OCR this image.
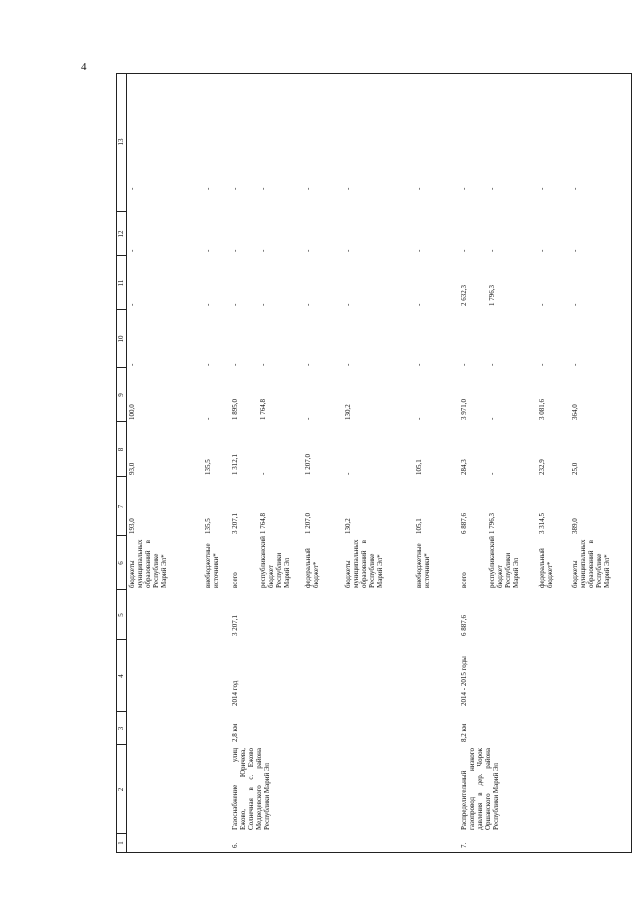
4
1
2
3
4
5
6
7
8
9
10
11
12
13
бюджеты муниципальных образований в Республике Марий Эл*
193,0
93,0
100,0
-
-
-
-
внебюджетные источники*
135,5
135,5
-
-
-
-
-
6.
Газоснабжение улиц Ежово, Юричева, Солнечная в с. Ежово Медведевского района Республики Марий Эл
2,8 км
2014 год
3 207,1
всего
3 207,1
1 312,1
1 895,0
-
-
-
-
республиканский бюджет Республики Марий Эл
1 764,8
-
1 764,8
-
-
-
-
федеральный бюджет*
1 207,0
1 207,0
-
-
-
-
-
бюджеты муниципальных образований в Республике Марий Эл*
130,2
-
130,2
-
-
-
-
внебюджетные источники*
105,1
105,1
-
-
-
-
-
7.
Распределительный газопровод низкого давления в дер. Чорок Оршанского района Республики Марий Эл
8,2 км
2014 - 2015 годы
6 887,6
всего
6 887,6
284,3
3 971,0
-
2 632,3
-
-
республиканский бюджет Республики Марий Эл
1 796,3
-
-
-
1 796,3
-
-
федеральный бюджет*
3 314,5
232,9
3 081,6
-
-
-
-
бюджеты муниципальных образований в Республике Марий Эл*
389,0
25,0
364,0
-
-
-
-
